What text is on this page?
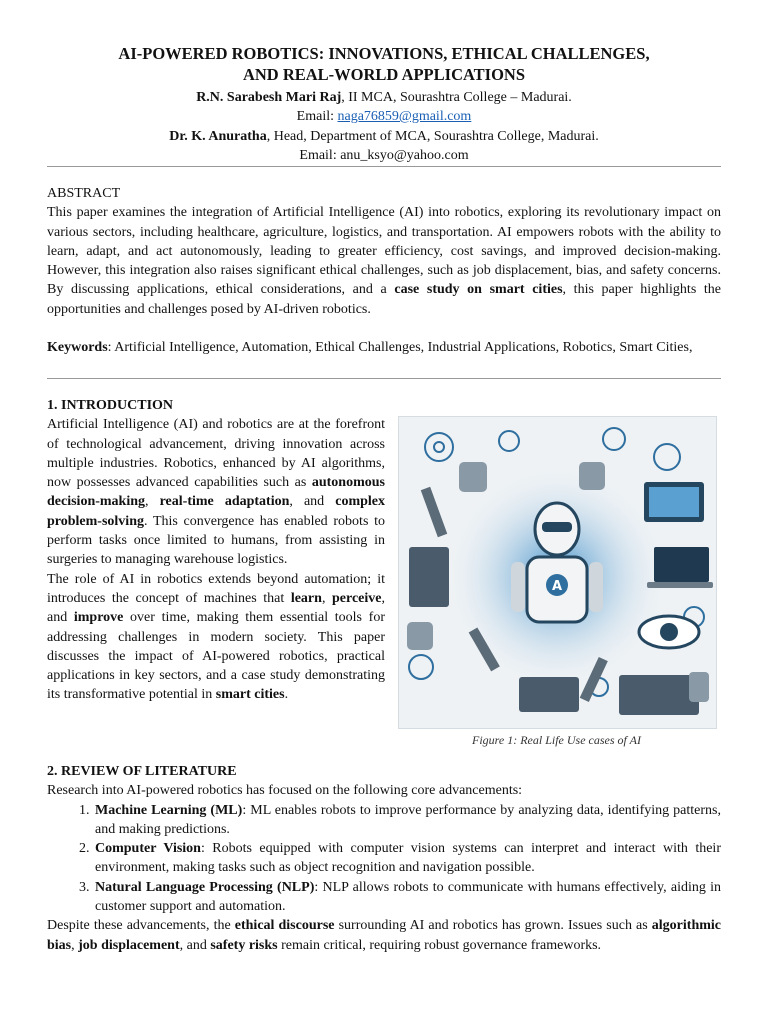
AI-POWERED ROBOTICS: INNOVATIONS, ETHICAL CHALLENGES,
AND REAL-WORLD APPLICATIONS
R.N. Sarabesh Mari Raj, II MCA, Sourashtra College – Madurai.
Email: naga76859@gmail.com
Dr. K. Anuratha, Head, Department of MCA, Sourashtra College, Madurai.
Email: anu_ksyo@yahoo.com
ABSTRACT
This paper examines the integration of Artificial Intelligence (AI) into robotics, exploring its revolutionary impact on various sectors, including healthcare, agriculture, logistics, and transportation. AI empowers robots with the ability to learn, adapt, and act autonomously, leading to greater efficiency, cost savings, and improved decision-making. However, this integration also raises significant ethical challenges, such as job displacement, bias, and safety concerns. By discussing applications, ethical considerations, and a case study on smart cities, this paper highlights the opportunities and challenges posed by AI-driven robotics.
Keywords: Artificial Intelligence, Automation, Ethical Challenges, Industrial Applications, Robotics, Smart Cities,
1. INTRODUCTION
Artificial Intelligence (AI) and robotics are at the forefront of technological advancement, driving innovation across multiple industries. Robotics, enhanced by AI algorithms, now possesses advanced capabilities such as autonomous decision-making, real-time adaptation, and complex problem-solving. This convergence has enabled robots to perform tasks once limited to humans, from assisting in surgeries to managing warehouse logistics.
The role of AI in robotics extends beyond automation; it introduces the concept of machines that learn, perceive, and improve over time, making them essential tools for addressing challenges in modern society. This paper discusses the impact of AI-powered robotics, practical applications in key sectors, and a case study demonstrating its transformative potential in smart cities.
A
Figure 1: Real Life Use cases of AI
2. REVIEW OF LITERATURE
Research into AI-powered robotics has focused on the following core advancements:
1. Machine Learning (ML): ML enables robots to improve performance by analyzing data, identifying patterns, and making predictions.
2. Computer Vision: Robots equipped with computer vision systems can interpret and interact with their environment, making tasks such as object recognition and navigation possible.
3. Natural Language Processing (NLP): NLP allows robots to communicate with humans effectively, aiding in customer support and automation.
Despite these advancements, the ethical discourse surrounding AI and robotics has grown. Issues such as algorithmic bias, job displacement, and safety risks remain critical, requiring robust governance frameworks.
